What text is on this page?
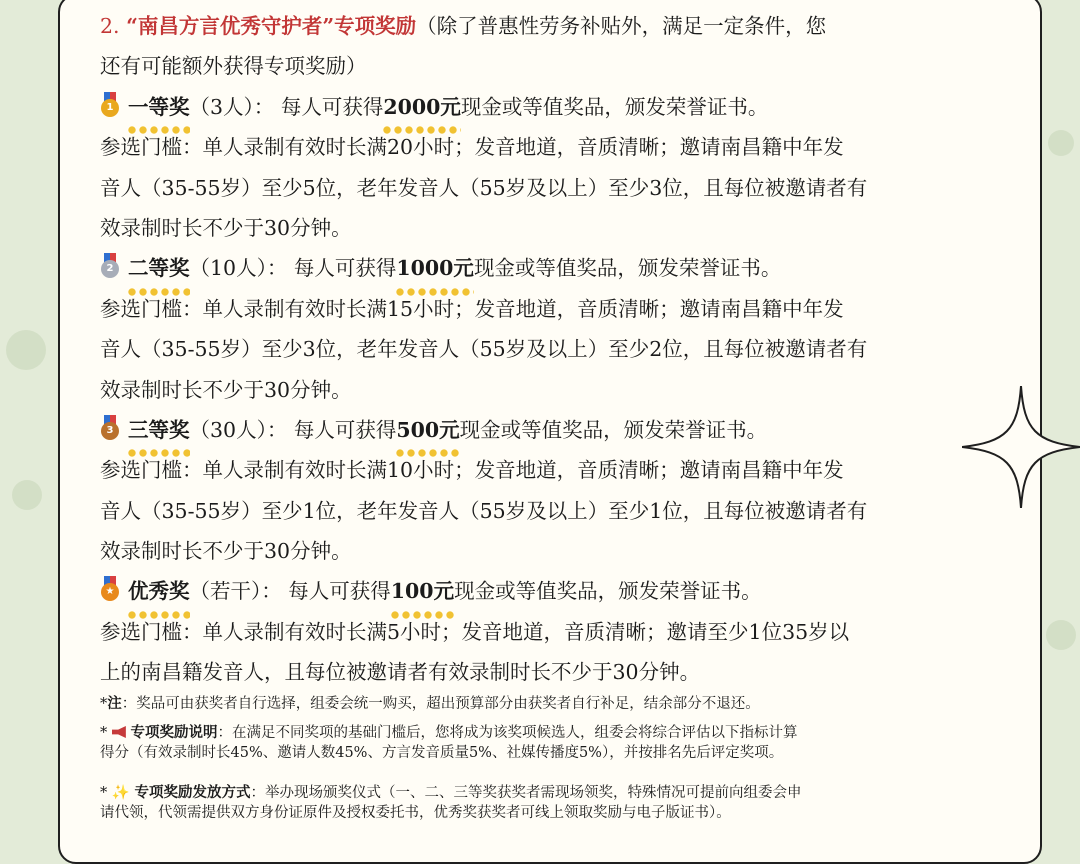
2. “南昌方言优秀守护者”专项奖励（除了普惠性劳务补贴外，满足一定条件，您
还有可能额外获得专项奖励）
1 一等奖（3人）： 每人可获得2000元现金或等值奖品，颁发荣誉证书。
参选门槛：单人录制有效时长满20小时；发音地道，音质清晰；邀请南昌籍中年发
音人（35-55岁）至少5位，老年发音人（55岁及以上）至少3位，且每位被邀请者有
效录制时长不少于30分钟。
2 二等奖（10人）： 每人可获得1000元现金或等值奖品，颁发荣誉证书。
参选门槛：单人录制有效时长满15小时；发音地道，音质清晰；邀请南昌籍中年发
音人（35-55岁）至少3位，老年发音人（55岁及以上）至少2位，且每位被邀请者有
效录制时长不少于30分钟。
3 三等奖（30人）： 每人可获得500元现金或等值奖品，颁发荣誉证书。
参选门槛：单人录制有效时长满10小时；发音地道，音质清晰；邀请南昌籍中年发
音人（35-55岁）至少1位，老年发音人（55岁及以上）至少1位，且每位被邀请者有
效录制时长不少于30分钟。
★ 优秀奖（若干）： 每人可获得100元现金或等值奖品，颁发荣誉证书。
参选门槛：单人录制有效时长满5小时；发音地道，音质清晰；邀请至少1位35岁以
上的南昌籍发音人，且每位被邀请者有效录制时长不少于30分钟。
*注：奖品可由获奖者自行选择，组委会统一购买，超出预算部分由获奖者自行补足，结余部分不退还。
* 专项奖励说明：在满足不同奖项的基础门槛后，您将成为该奖项候选人，组委会将综合评估以下指标计算
得分（有效录制时长45%、邀请人数45%、方言发音质量5%、社媒传播度5%），并按排名先后评定奖项。
* ✨ 专项奖励发放方式：举办现场颁奖仪式（一、二、三等奖获奖者需现场领奖，特殊情况可提前向组委会申
请代领，代领需提供双方身份证原件及授权委托书，优秀奖获奖者可线上领取奖励与电子版证书）。
